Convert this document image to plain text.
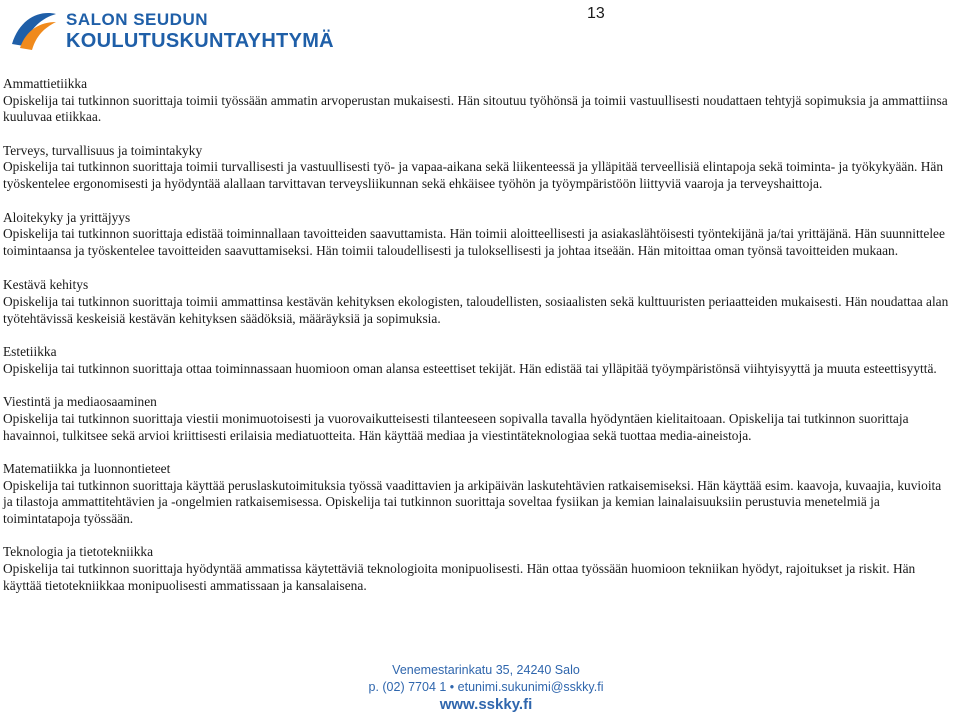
SALON SEUDUN
KOULUTUSKUNTAYHTYMÄ
13

Ammattietiikka

Opiskelija tai tutkinnon suorittaja toimii työssään ammatin arvoperustan mukaisesti. Hän sitoutuu työhönsä ja toimii vastuullisesti noudattaen tehtyjä sopimuksia ja ammattiinsa kuuluvaa etiikkaa.

Terveys, turvallisuus ja toimintakyky

Opiskelija tai tutkinnon suorittaja toimii turvallisesti ja vastuullisesti työ- ja vapaa-aikana sekä liikenteessä ja ylläpitää terveellisiä elintapoja sekä toiminta- ja työkykyään. Hän työskentelee ergonomisesti ja hyödyntää alallaan tarvittavan terveysliikunnan sekä ehkäisee työhön ja työympäristöön liittyviä vaaroja ja terveyshaittoja.

Aloitekyky ja yrittäjyys

Opiskelija tai tutkinnon suorittaja edistää toiminnallaan tavoitteiden saavuttamista. Hän toimii aloitteellisesti ja asiakaslähtöisesti työntekijänä ja/tai yrittäjänä. Hän suunnittelee toimintaansa ja työskentelee tavoitteiden saavuttamiseksi. Hän toimii taloudellisesti ja tuloksellisesti ja johtaa itseään. Hän mitoittaa oman työnsä tavoitteiden mukaan.

Kestävä kehitys

Opiskelija tai tutkinnon suorittaja toimii ammattinsa kestävän kehityksen ekologisten, taloudellisten, sosiaalisten sekä kulttuuristen periaatteiden mukaisesti. Hän noudattaa alan työtehtävissä keskeisiä kestävän kehityksen säädöksiä, määräyksiä ja sopimuksia.

Estetiikka

Opiskelija tai tutkinnon suorittaja ottaa toiminnassaan huomioon oman alansa esteettiset tekijät. Hän edistää tai ylläpitää työympäristönsä viihtyisyyttä ja muuta esteettisyyttä.

Viestintä ja mediaosaaminen

Opiskelija tai tutkinnon suorittaja viestii monimuotoisesti ja vuorovaikutteisesti tilanteeseen sopivalla tavalla hyödyntäen kielitaitoaan. Opiskelija tai tutkinnon suorittaja havainnoi, tulkitsee sekä arvioi kriittisesti erilaisia mediatuotteita. Hän käyttää mediaa ja viestintäteknologiaa sekä tuottaa media-aineistoja.

Matematiikka ja luonnontieteet

Opiskelija tai tutkinnon suorittaja käyttää peruslaskutoimituksia työssä vaadittavien ja arkipäivän laskutehtävien ratkaisemiseksi. Hän käyttää esim. kaavoja, kuvaajia, kuvioita ja tilastoja ammattitehtävien ja -ongelmien ratkaisemisessa. Opiskelija tai tutkinnon suorittaja soveltaa fysiikan ja kemian lainalaisuuksiin perustuvia menetelmiä ja toimintatapoja työssään.

Teknologia ja tietotekniikka

Opiskelija tai tutkinnon suorittaja hyödyntää ammatissa käytettäviä teknologioita monipuolisesti. Hän ottaa työssään huomioon tekniikan hyödyt, rajoitukset ja riskit. Hän käyttää tietotekniikkaa monipuolisesti ammatissaan ja kansalaisena.

Venemestarinkatu 35, 24240 Salo
p. (02) 7704 1 • etunimi.sukunimi@sskky.fi
www.sskky.fi
